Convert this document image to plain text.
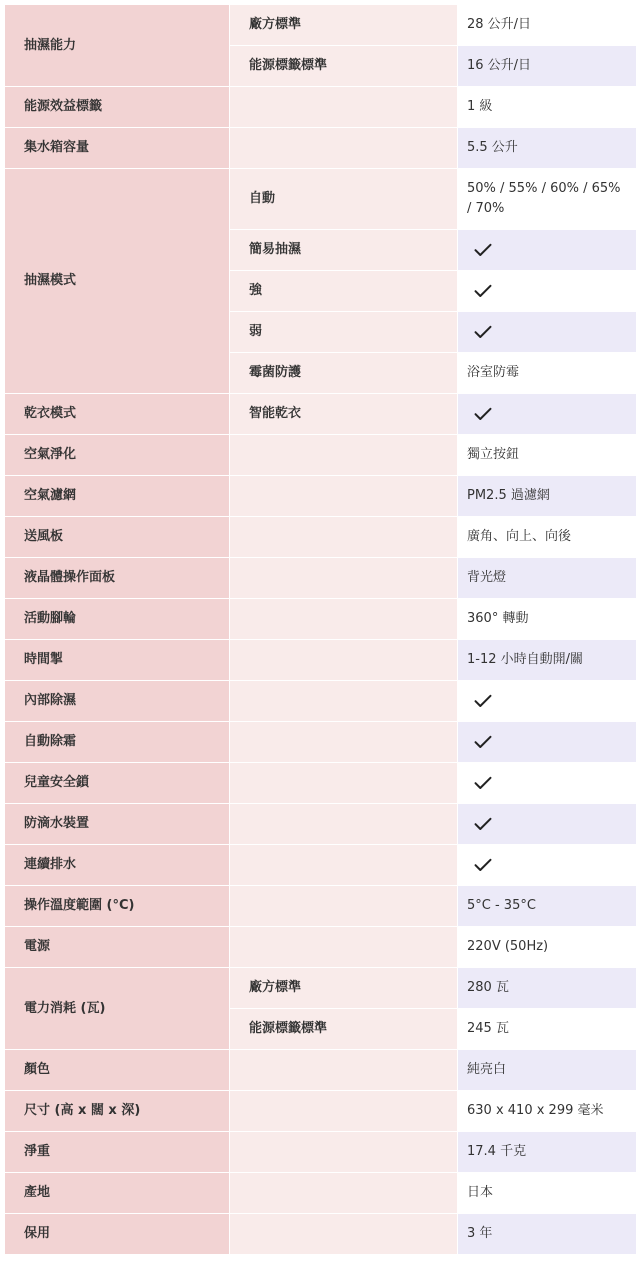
抽濕能力	廠方標準	28 公升/日
	能源標籤標準	16 公升/日
能源效益標籤		1 級
集水箱容量		5.5 公升
抽濕模式	自動	50% / 55% / 60% / 65% / 70%
	簡易抽濕	

	強	

	弱	

	霉菌防護	浴室防霉
乾衣模式	智能乾衣	

空氣淨化		獨立按鈕
空氣濾網		PM2.5 過濾網
送風板		廣角、向上、向後
液晶體操作面板		背光燈
活動腳輪		360° 轉動
時間掣		1-12 小時自動開/關
內部除濕		

自動除霜		

兒童安全鎖		

防滴水裝置		

連續排水		

操作溫度範圍 (°C)		5°C - 35°C
電源		220V (50Hz)
電力消耗 (瓦)	廠方標準	280 瓦
	能源標籤標準	245 瓦
顏色		純亮白
尺寸 (高 x 闊 x 深)		630 x 410 x 299 毫米
淨重		17.4 千克
產地		日本
保用		3 年
